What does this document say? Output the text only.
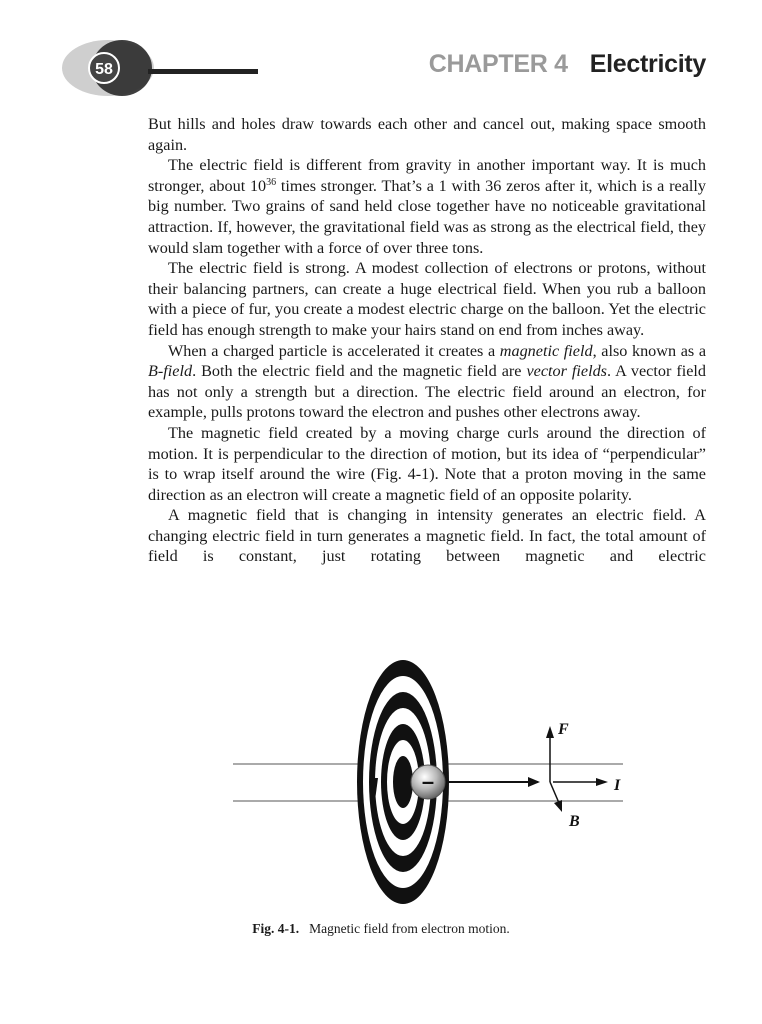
58	CHAPTER 4 Electricity

But hills and holes draw towards each other and cancel out, making space smooth again.

The electric field is different from gravity in another important way. It is much stronger, about $10^{36}$ times stronger. That’s a 1 with 36 zeros after it, which is a really big number. Two grains of sand held close together have no noticeable gravitational attraction. If, however, the gravitational field was as strong as the electrical field, they would slam together with a force of over three tons.

The electric field is strong. A modest collection of electrons or protons, without their balancing partners, can create a huge electrical field. When you rub a balloon with a piece of fur, you create a modest electric charge on the balloon. Yet the electric field has enough strength to make your hairs stand on end from inches away.

When a charged particle is accelerated it creates a magnetic field, also known as a B-field. Both the electric field and the magnetic field are vector fields. A vector field has not only a strength but a direction. The electric field around an electron, for example, pulls protons toward the electron and pushes other electrons away.

The magnetic field created by a moving charge curls around the direction of motion. It is perpendicular to the direction of motion, but its idea of “perpendicular” is to wrap itself around the wire (Fig. 4-1). Note that a proton moving in the same direction as an electron will create a magnetic field of an opposite polarity.

A magnetic field that is changing in intensity generates an electric field. A changing electric field in turn generates a magnetic field. In fact, the total amount of field is constant, just rotating between magnetic and electric

–
F
I
B
Fig. 4-1. Magnetic field from electron motion.
